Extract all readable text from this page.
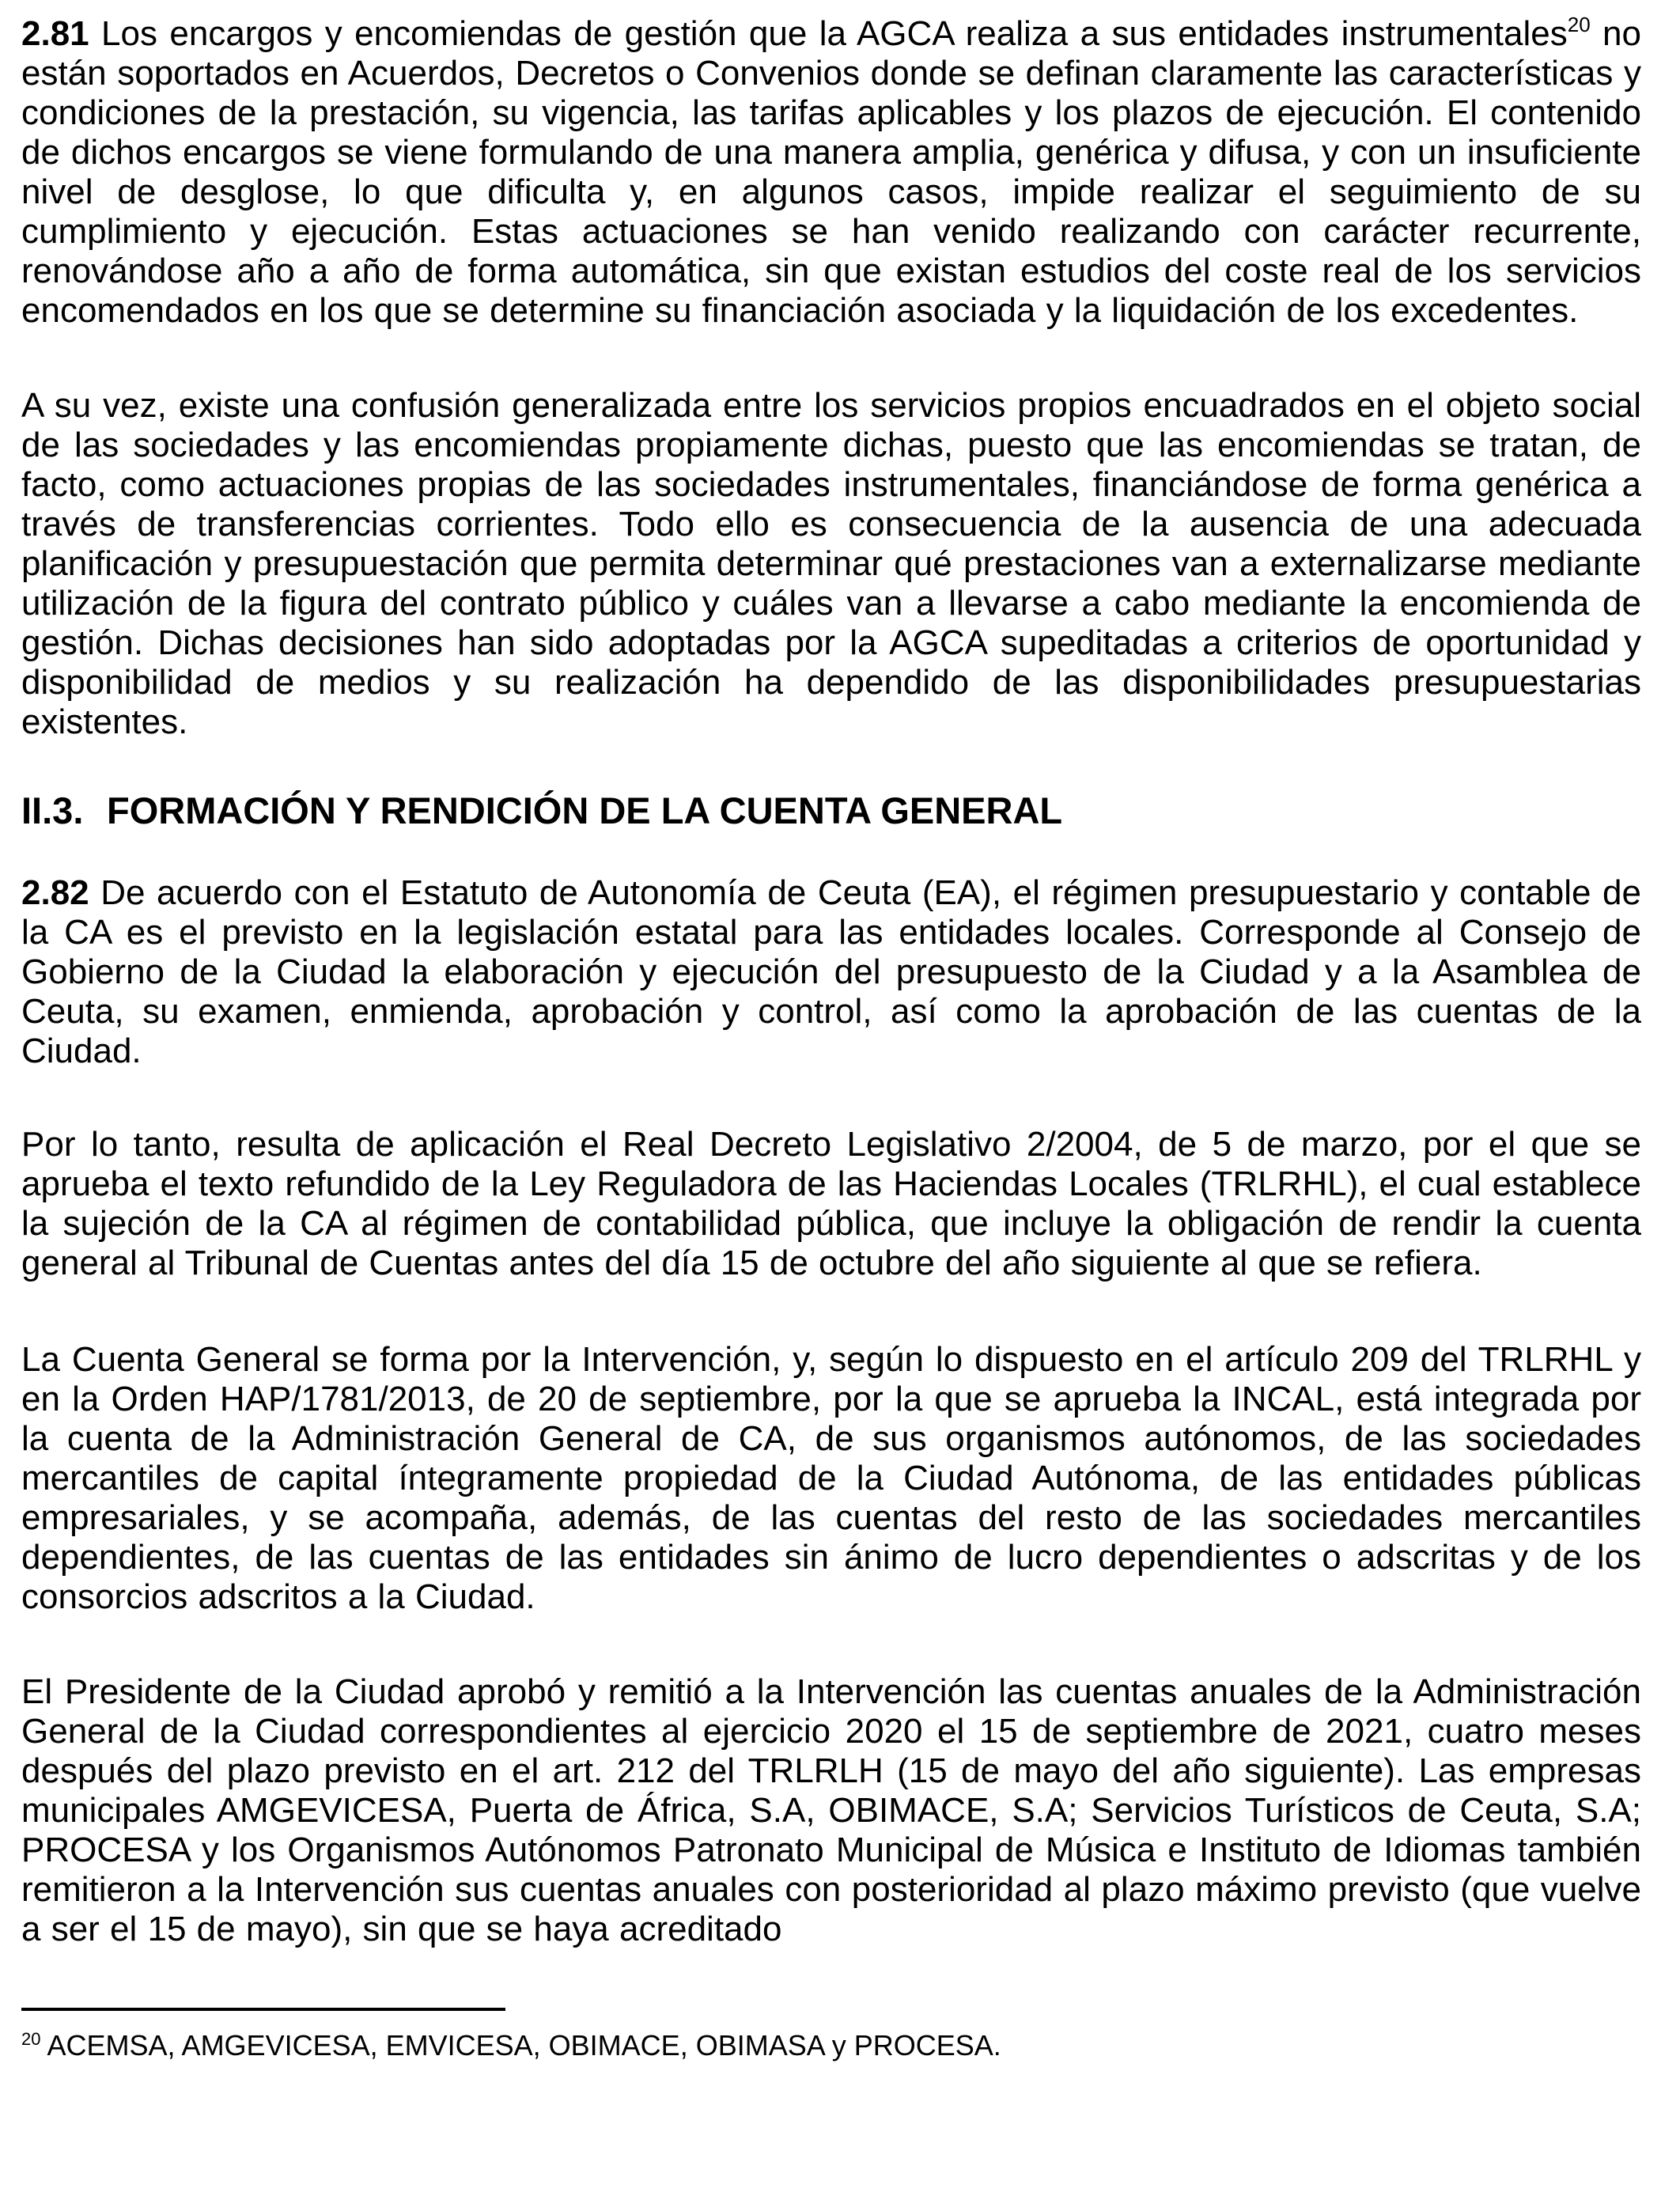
2.81 Los encargos y encomiendas de gestión que la AGCA realiza a sus entidades instrumentales$^{20}$ no están soportados en Acuerdos, Decretos o Convenios donde se definan claramente las características y condiciones de la prestación, su vigencia, las tarifas aplicables y los plazos de ejecución. El contenido de dichos encargos se viene formulando de una manera amplia, genérica y difusa, y con un insuficiente nivel de desglose, lo que dificulta y, en algunos casos, impide realizar el seguimiento de su cumplimiento y ejecución. Estas actuaciones se han venido realizando con carácter recurrente, renovándose año a año de forma automática, sin que existan estudios del coste real de los servicios encomendados en los que se determine su financiación asociada y la liquidación de los excedentes.

A su vez, existe una confusión generalizada entre los servicios propios encuadrados en el objeto social de las sociedades y las encomiendas propiamente dichas, puesto que las encomiendas se tratan, de facto, como actuaciones propias de las sociedades instrumentales, financiándose de forma genérica a través de transferencias corrientes. Todo ello es consecuencia de la ausencia de una adecuada planificación y presupuestación que permita determinar qué prestaciones van a externalizarse mediante utilización de la figura del contrato público y cuáles van a llevarse a cabo mediante la encomienda de gestión. Dichas decisiones han sido adoptadas por la AGCA supeditadas a criterios de oportunidad y disponibilidad de medios y su realización ha dependido de las disponibilidades presupuestarias existentes.

II.3. FORMACIÓN Y RENDICIÓN DE LA CUENTA GENERAL

2.82 De acuerdo con el Estatuto de Autonomía de Ceuta (EA), el régimen presupuestario y contable de la CA es el previsto en la legislación estatal para las entidades locales. Corresponde al Consejo de Gobierno de la Ciudad la elaboración y ejecución del presupuesto de la Ciudad y a la Asamblea de Ceuta, su examen, enmienda, aprobación y control, así como la aprobación de las cuentas de la Ciudad.

Por lo tanto, resulta de aplicación el Real Decreto Legislativo 2/2004, de 5 de marzo, por el que se aprueba el texto refundido de la Ley Reguladora de las Haciendas Locales (TRLRHL), el cual establece la sujeción de la CA al régimen de contabilidad pública, que incluye la obligación de rendir la cuenta general al Tribunal de Cuentas antes del día 15 de octubre del año siguiente al que se refiera.

La Cuenta General se forma por la Intervención, y, según lo dispuesto en el artículo 209 del TRLRHL y en la Orden HAP/1781/2013, de 20 de septiembre, por la que se aprueba la INCAL, está integrada por la cuenta de la Administración General de CA, de sus organismos autónomos, de las sociedades mercantiles de capital íntegramente propiedad de la Ciudad Autónoma, de las entidades públicas empresariales, y se acompaña, además, de las cuentas del resto de las sociedades mercantiles dependientes, de las cuentas de las entidades sin ánimo de lucro dependientes o adscritas y de los consorcios adscritos a la Ciudad.

El Presidente de la Ciudad aprobó y remitió a la Intervención las cuentas anuales de la Administración General de la Ciudad correspondientes al ejercicio 2020 el 15 de septiembre de 2021, cuatro meses después del plazo previsto en el art. 212 del TRLRLH (15 de mayo del año siguiente). Las empresas municipales AMGEVICESA, Puerta de África, S.A, OBIMACE, S.A; Servicios Turísticos de Ceuta, S.A; PROCESA y los Organismos Autónomos Patronato Municipal de Música e Instituto de Idiomas también remitieron a la Intervención sus cuentas anuales con posterioridad al plazo máximo previsto (que vuelve a ser el 15 de mayo), sin que se haya acreditado

$^{20}$ ACEMSA, AMGEVICESA, EMVICESA, OBIMACE, OBIMASA y PROCESA.
